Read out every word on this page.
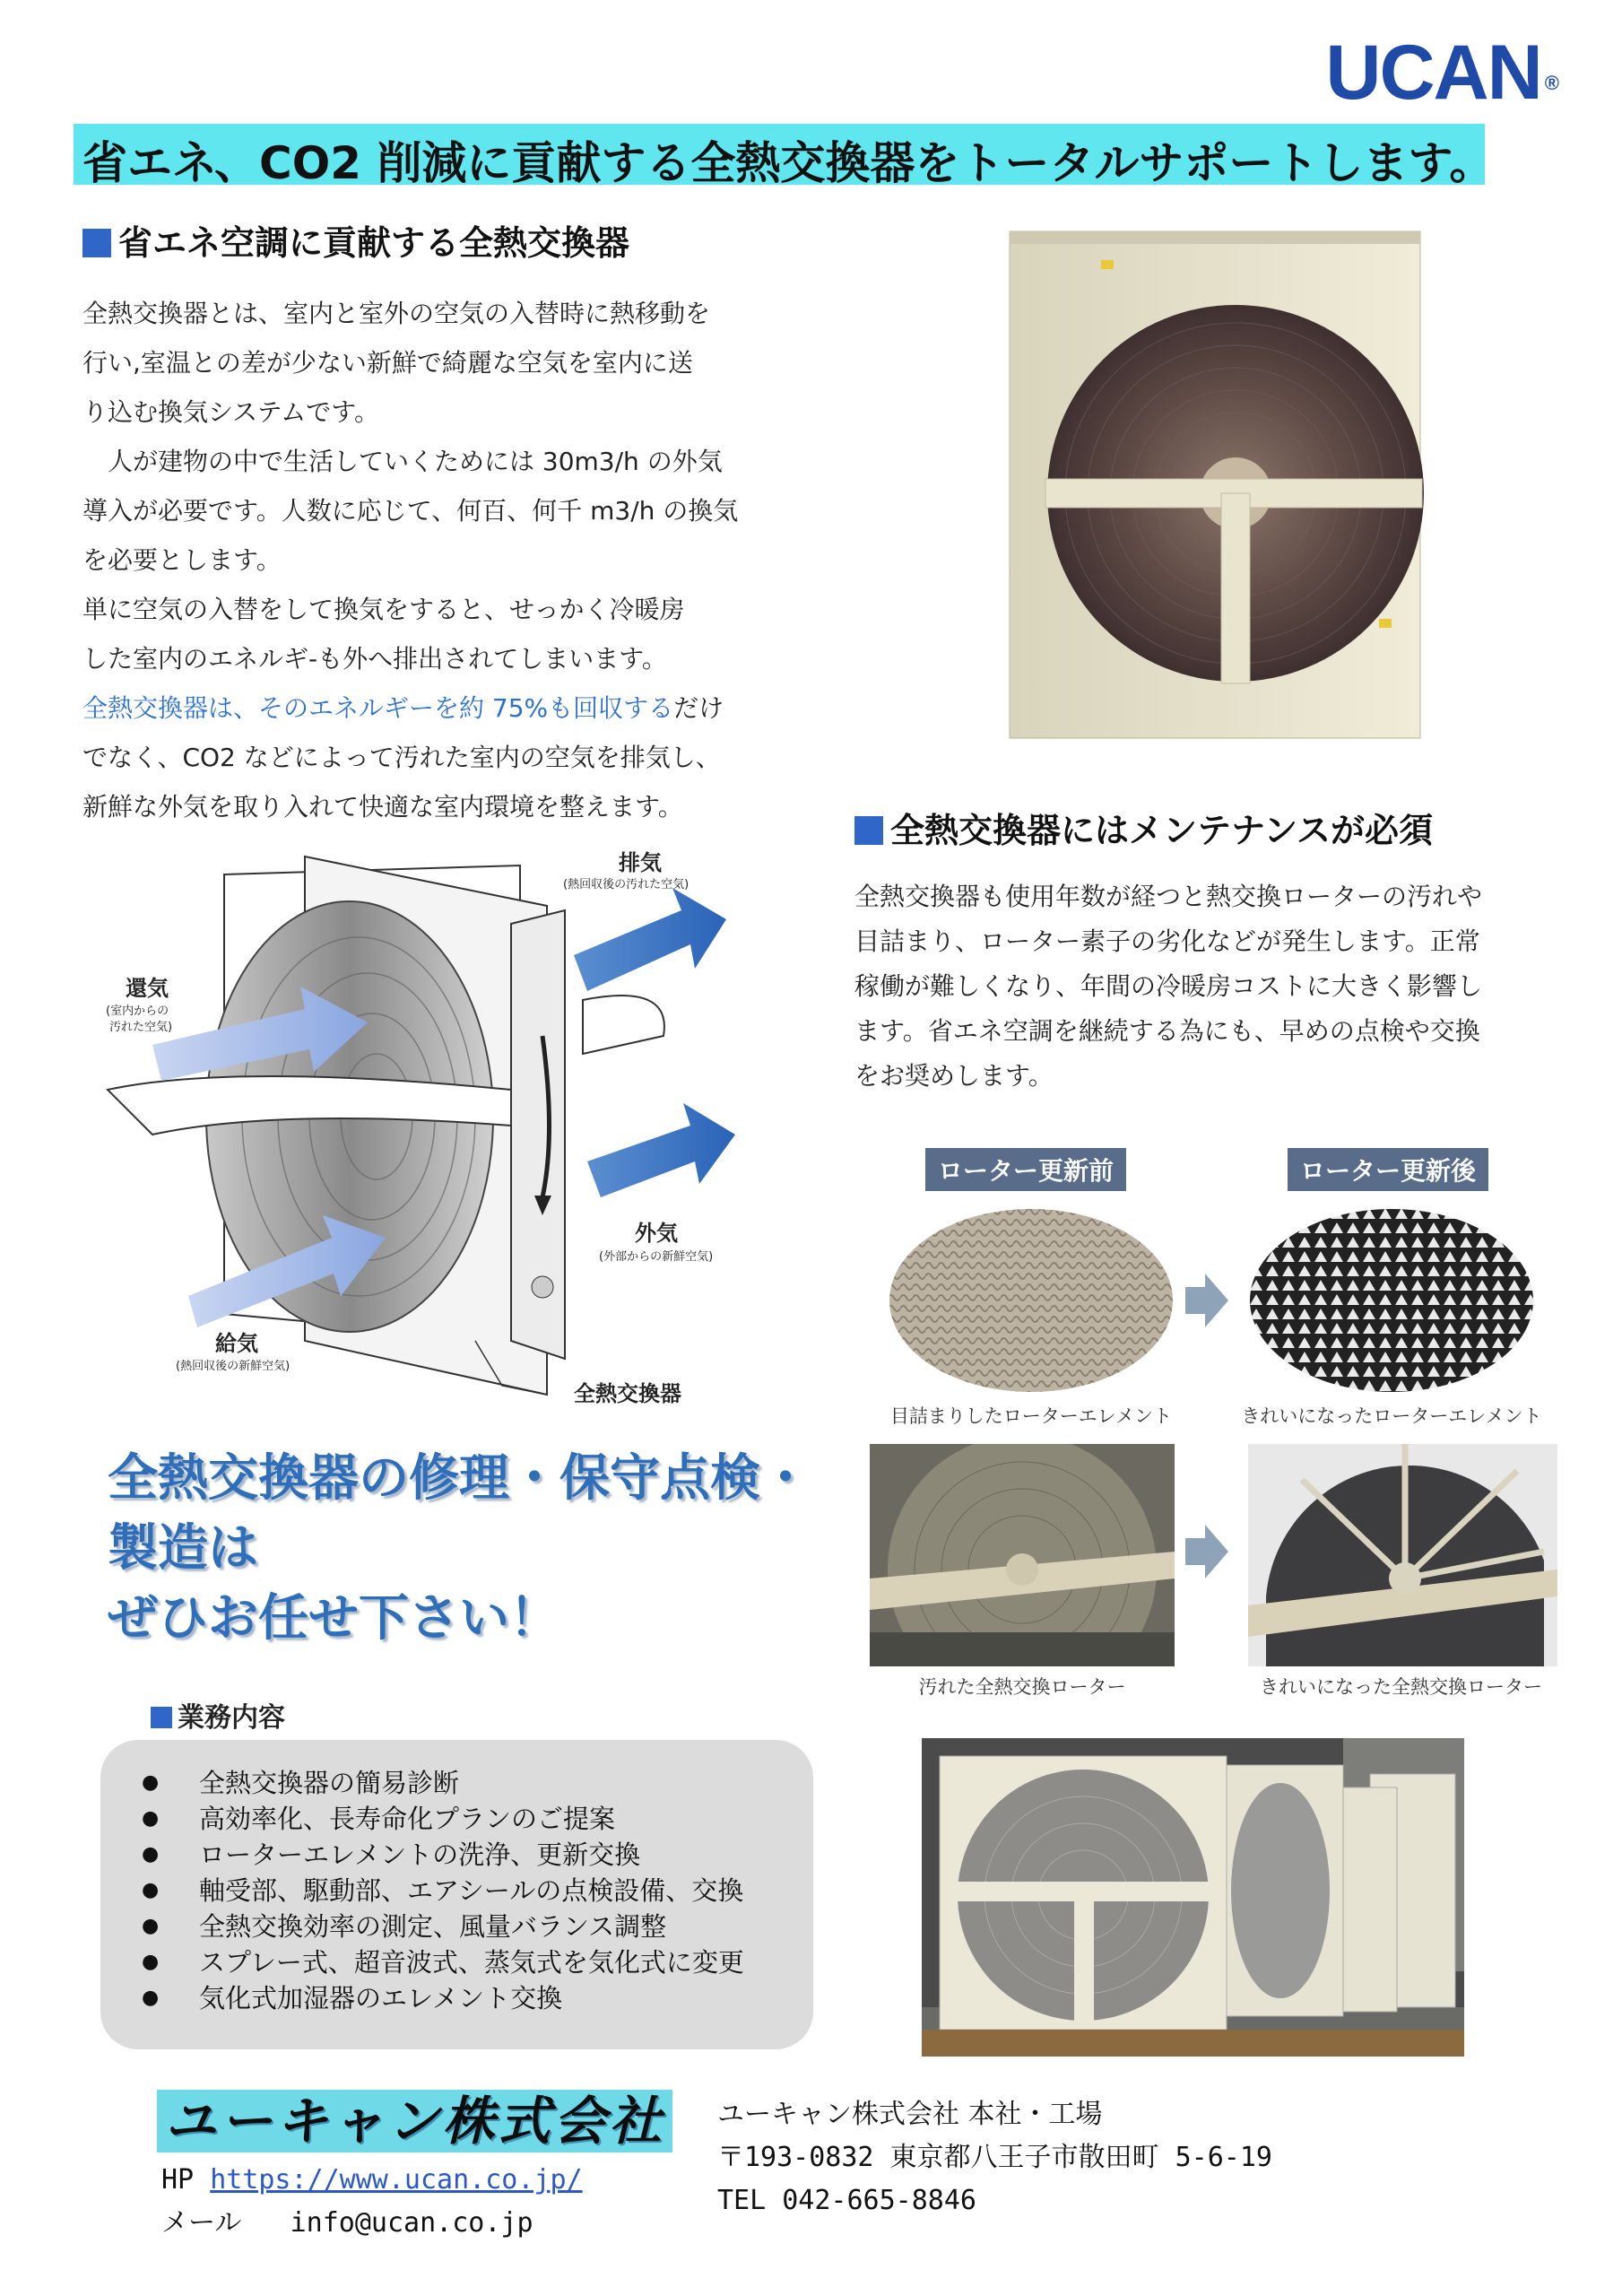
UCAN ®
省エネ、CO2 削減に貢献する全熱交換器をトータルサポートします。
省エネ空調に貢献する全熱交換器

全熱交換器とは、室内と室外の空気の入替時に熱移動を

行い,室温との差が少ない新鮮で綺麗な空気を室内に送

り込む換気システムです。

　人が建物の中で生活していくためには 30m3/h の外気

導入が必要です。人数に応じて、何百、何千 m3/h の換気

を必要とします。

単に空気の入替をして換気をすると、せっかく冷暖房

した室内のエネルギ-も外へ排出されてしまいます。

全熱交換器は、そのエネルギーを約 75%も回収するだけ

でなく、CO2 などによって汚れた室内の空気を排気し、

新鮮な外気を取り入れて快適な室内環境を整えます。

排気
(熱回収後の汚れた空気)
還気
(室内からの
汚れた空気)
外気
(外部からの新鮮空気)
給気
(熱回収後の新鮮空気)
全熱交換器
全熱交換器にはメンテナンスが必須

全熱交換器も使用年数が経つと熱交換ローターの汚れや

目詰まり、ローター素子の劣化などが発生します。正常

稼働が難しくなり、年間の冷暖房コストに大きく影響し

ます。省エネ空調を継続する為にも、早めの点検や交換

をお奨めします。

ローター更新前	ローター更新後
目詰まりしたローターエレメント	きれいになったローターエレメント
汚れた全熱交換ローター	きれいになった全熱交換ローター
全熱交換器の修理・保守点検・
製造は
ぜひお任せ下さい！
業務内容
● 全熱交換器の簡易診断
● 高効率化、長寿命化プランのご提案
● ローターエレメントの洗浄、更新交換
● 軸受部、駆動部、エアシールの点検設備、交換
● 全熱交換効率の測定、風量バランス調整
● スプレー式、超音波式、蒸気式を気化式に変更
● 気化式加湿器のエレメント交換
ユーキャン株式会社
HP https://www.ucan.co.jp/
メール info@ucan.co.jp
ユーキャン株式会社 本社・工場
〒193-0832 東京都八王子市散田町 5-6-19
TEL 042-665-8846
